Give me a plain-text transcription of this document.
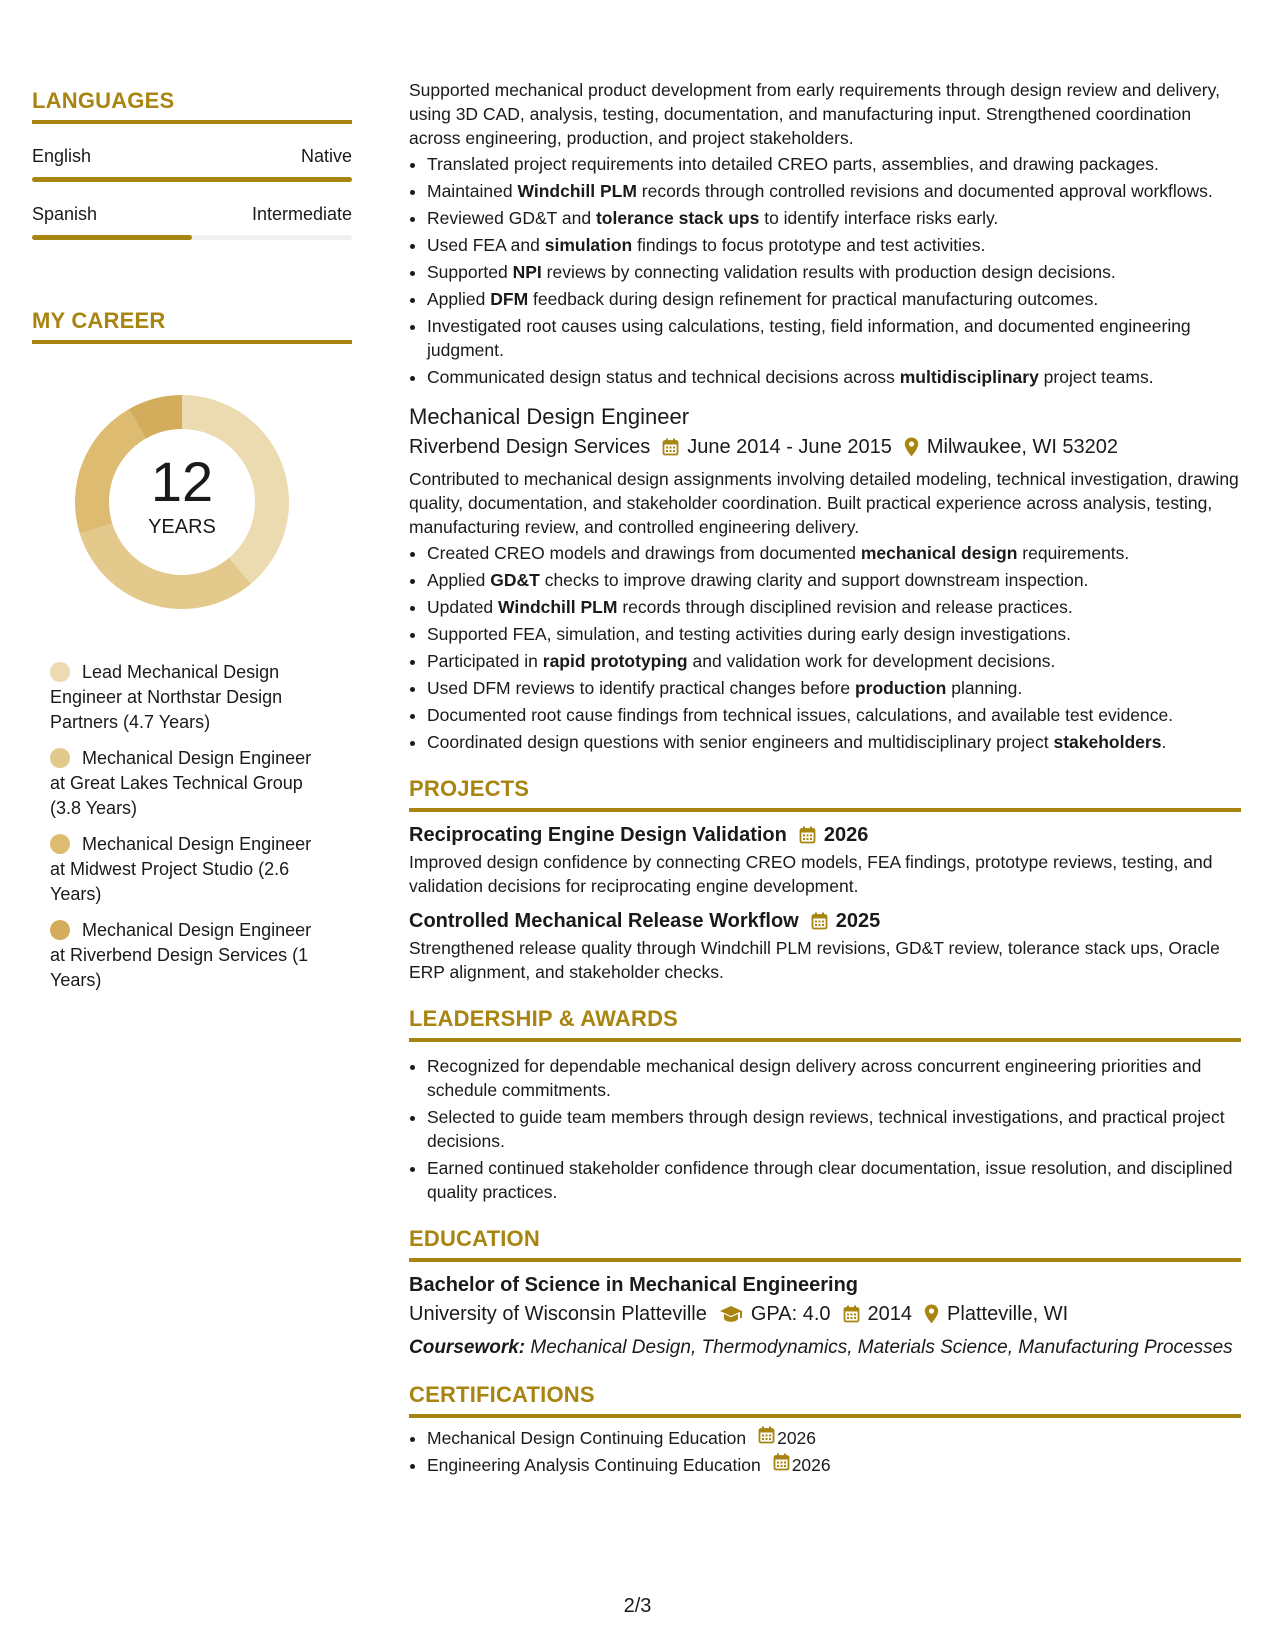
LANGUAGES
English	Native
Spanish	Intermediate
MY CAREER
12
YEARS
Lead Mechanical Design Engineer at Northstar Design Partners (4.7 Years)
Mechanical Design Engineer at Great Lakes Technical Group (3.8 Years)
Mechanical Design Engineer at Midwest Project Studio (2.6 Years)
Mechanical Design Engineer at Riverbend Design Services (1 Years)

Supported mechanical product development from early requirements through design review and delivery, using 3D CAD, analysis, testing, documentation, and manufacturing input. Strengthened coordination across engineering, production, and project stakeholders.

• Translated project requirements into detailed CREO parts, assemblies, and drawing packages.
• Maintained Windchill PLM records through controlled revisions and documented approval workflows.
• Reviewed GD&T and tolerance stack ups to identify interface risks early.
• Used FEA and simulation findings to focus prototype and test activities.
• Supported NPI reviews by connecting validation results with production design decisions.
• Applied DFM feedback during design refinement for practical manufacturing outcomes.
• Investigated root causes using calculations, testing, field information, and documented engineering judgment.
• Communicated design status and technical decisions across multidisciplinary project teams.
Mechanical Design Engineer
Riverbend Design Services June 2014 - June 2015 Milwaukee, WI 53202

Contributed to mechanical design assignments involving detailed modeling, technical investigation, drawing quality, documentation, and stakeholder coordination. Built practical experience across analysis, testing, manufacturing review, and controlled engineering delivery.

• Created CREO models and drawings from documented mechanical design requirements.
• Applied GD&T checks to improve drawing clarity and support downstream inspection.
• Updated Windchill PLM records through disciplined revision and release practices.
• Supported FEA, simulation, and testing activities during early design investigations.
• Participated in rapid prototyping and validation work for development decisions.
• Used DFM reviews to identify practical changes before production planning.
• Documented root cause findings from technical issues, calculations, and available test evidence.
• Coordinated design questions with senior engineers and multidisciplinary project stakeholders.
PROJECTS
Reciprocating Engine Design Validation 2026

Improved design confidence by connecting CREO models, FEA findings, prototype reviews, testing, and validation decisions for reciprocating engine development.

Controlled Mechanical Release Workflow 2025

Strengthened release quality through Windchill PLM revisions, GD&T review, tolerance stack ups, Oracle ERP alignment, and stakeholder checks.

LEADERSHIP & AWARDS
• Recognized for dependable mechanical design delivery across concurrent engineering priorities and schedule commitments.
• Selected to guide team members through design reviews, technical investigations, and practical project decisions.
• Earned continued stakeholder confidence through clear documentation, issue resolution, and disciplined quality practices.
EDUCATION
Bachelor of Science in Mechanical Engineering
University of Wisconsin Platteville GPA: 4.0 2014 Platteville, WI
Coursework: Mechanical Design, Thermodynamics, Materials Science, Manufacturing Processes
CERTIFICATIONS
• Mechanical Design Continuing Education 2026
• Engineering Analysis Continuing Education 2026
2/3
